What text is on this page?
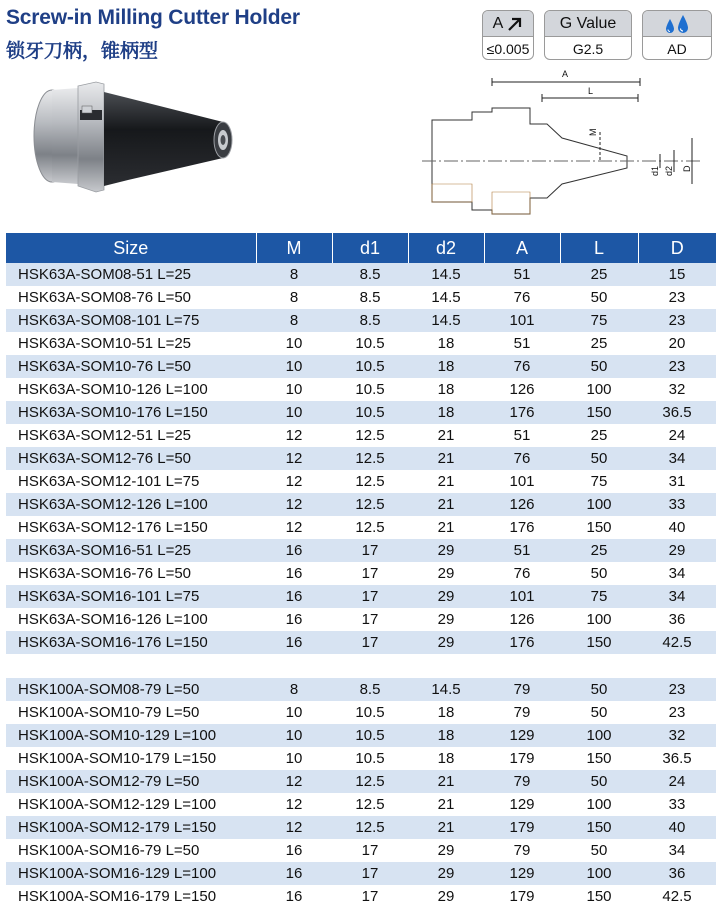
Screw-in Milling Cutter Holder
锁牙刀柄，锥柄型
A
≤0.005
G Value
G2.5	AD
A
L
M
d1 d2 D
Size	M	d1	d2	A	L	D
HSK63A-SOM08-51 L=25	8	8.5	14.5	51	25	15
HSK63A-SOM08-76 L=50	8	8.5	14.5	76	50	23
HSK63A-SOM08-101 L=75	8	8.5	14.5	101	75	23
HSK63A-SOM10-51 L=25	10	10.5	18	51	25	20
HSK63A-SOM10-76 L=50	10	10.5	18	76	50	23
HSK63A-SOM10-126 L=100	10	10.5	18	126	100	32
HSK63A-SOM10-176 L=150	10	10.5	18	176	150	36.5
HSK63A-SOM12-51 L=25	12	12.5	21	51	25	24
HSK63A-SOM12-76 L=50	12	12.5	21	76	50	34
HSK63A-SOM12-101 L=75	12	12.5	21	101	75	31
HSK63A-SOM12-126 L=100	12	12.5	21	126	100	33
HSK63A-SOM12-176 L=150	12	12.5	21	176	150	40
HSK63A-SOM16-51 L=25	16	17	29	51	25	29
HSK63A-SOM16-76 L=50	16	17	29	76	50	34
HSK63A-SOM16-101 L=75	16	17	29	101	75	34
HSK63A-SOM16-126 L=100	16	17	29	126	100	36
HSK63A-SOM16-176 L=150	16	17	29	176	150	42.5

HSK100A-SOM08-79 L=50	8	8.5	14.5	79	50	23
HSK100A-SOM10-79 L=50	10	10.5	18	79	50	23
HSK100A-SOM10-129 L=100	10	10.5	18	129	100	32
HSK100A-SOM10-179 L=150	10	10.5	18	179	150	36.5
HSK100A-SOM12-79 L=50	12	12.5	21	79	50	24
HSK100A-SOM12-129 L=100	12	12.5	21	129	100	33
HSK100A-SOM12-179 L=150	12	12.5	21	179	150	40
HSK100A-SOM16-79 L=50	16	17	29	79	50	34
HSK100A-SOM16-129 L=100	16	17	29	129	100	36
HSK100A-SOM16-179 L=150	16	17	29	179	150	42.5
